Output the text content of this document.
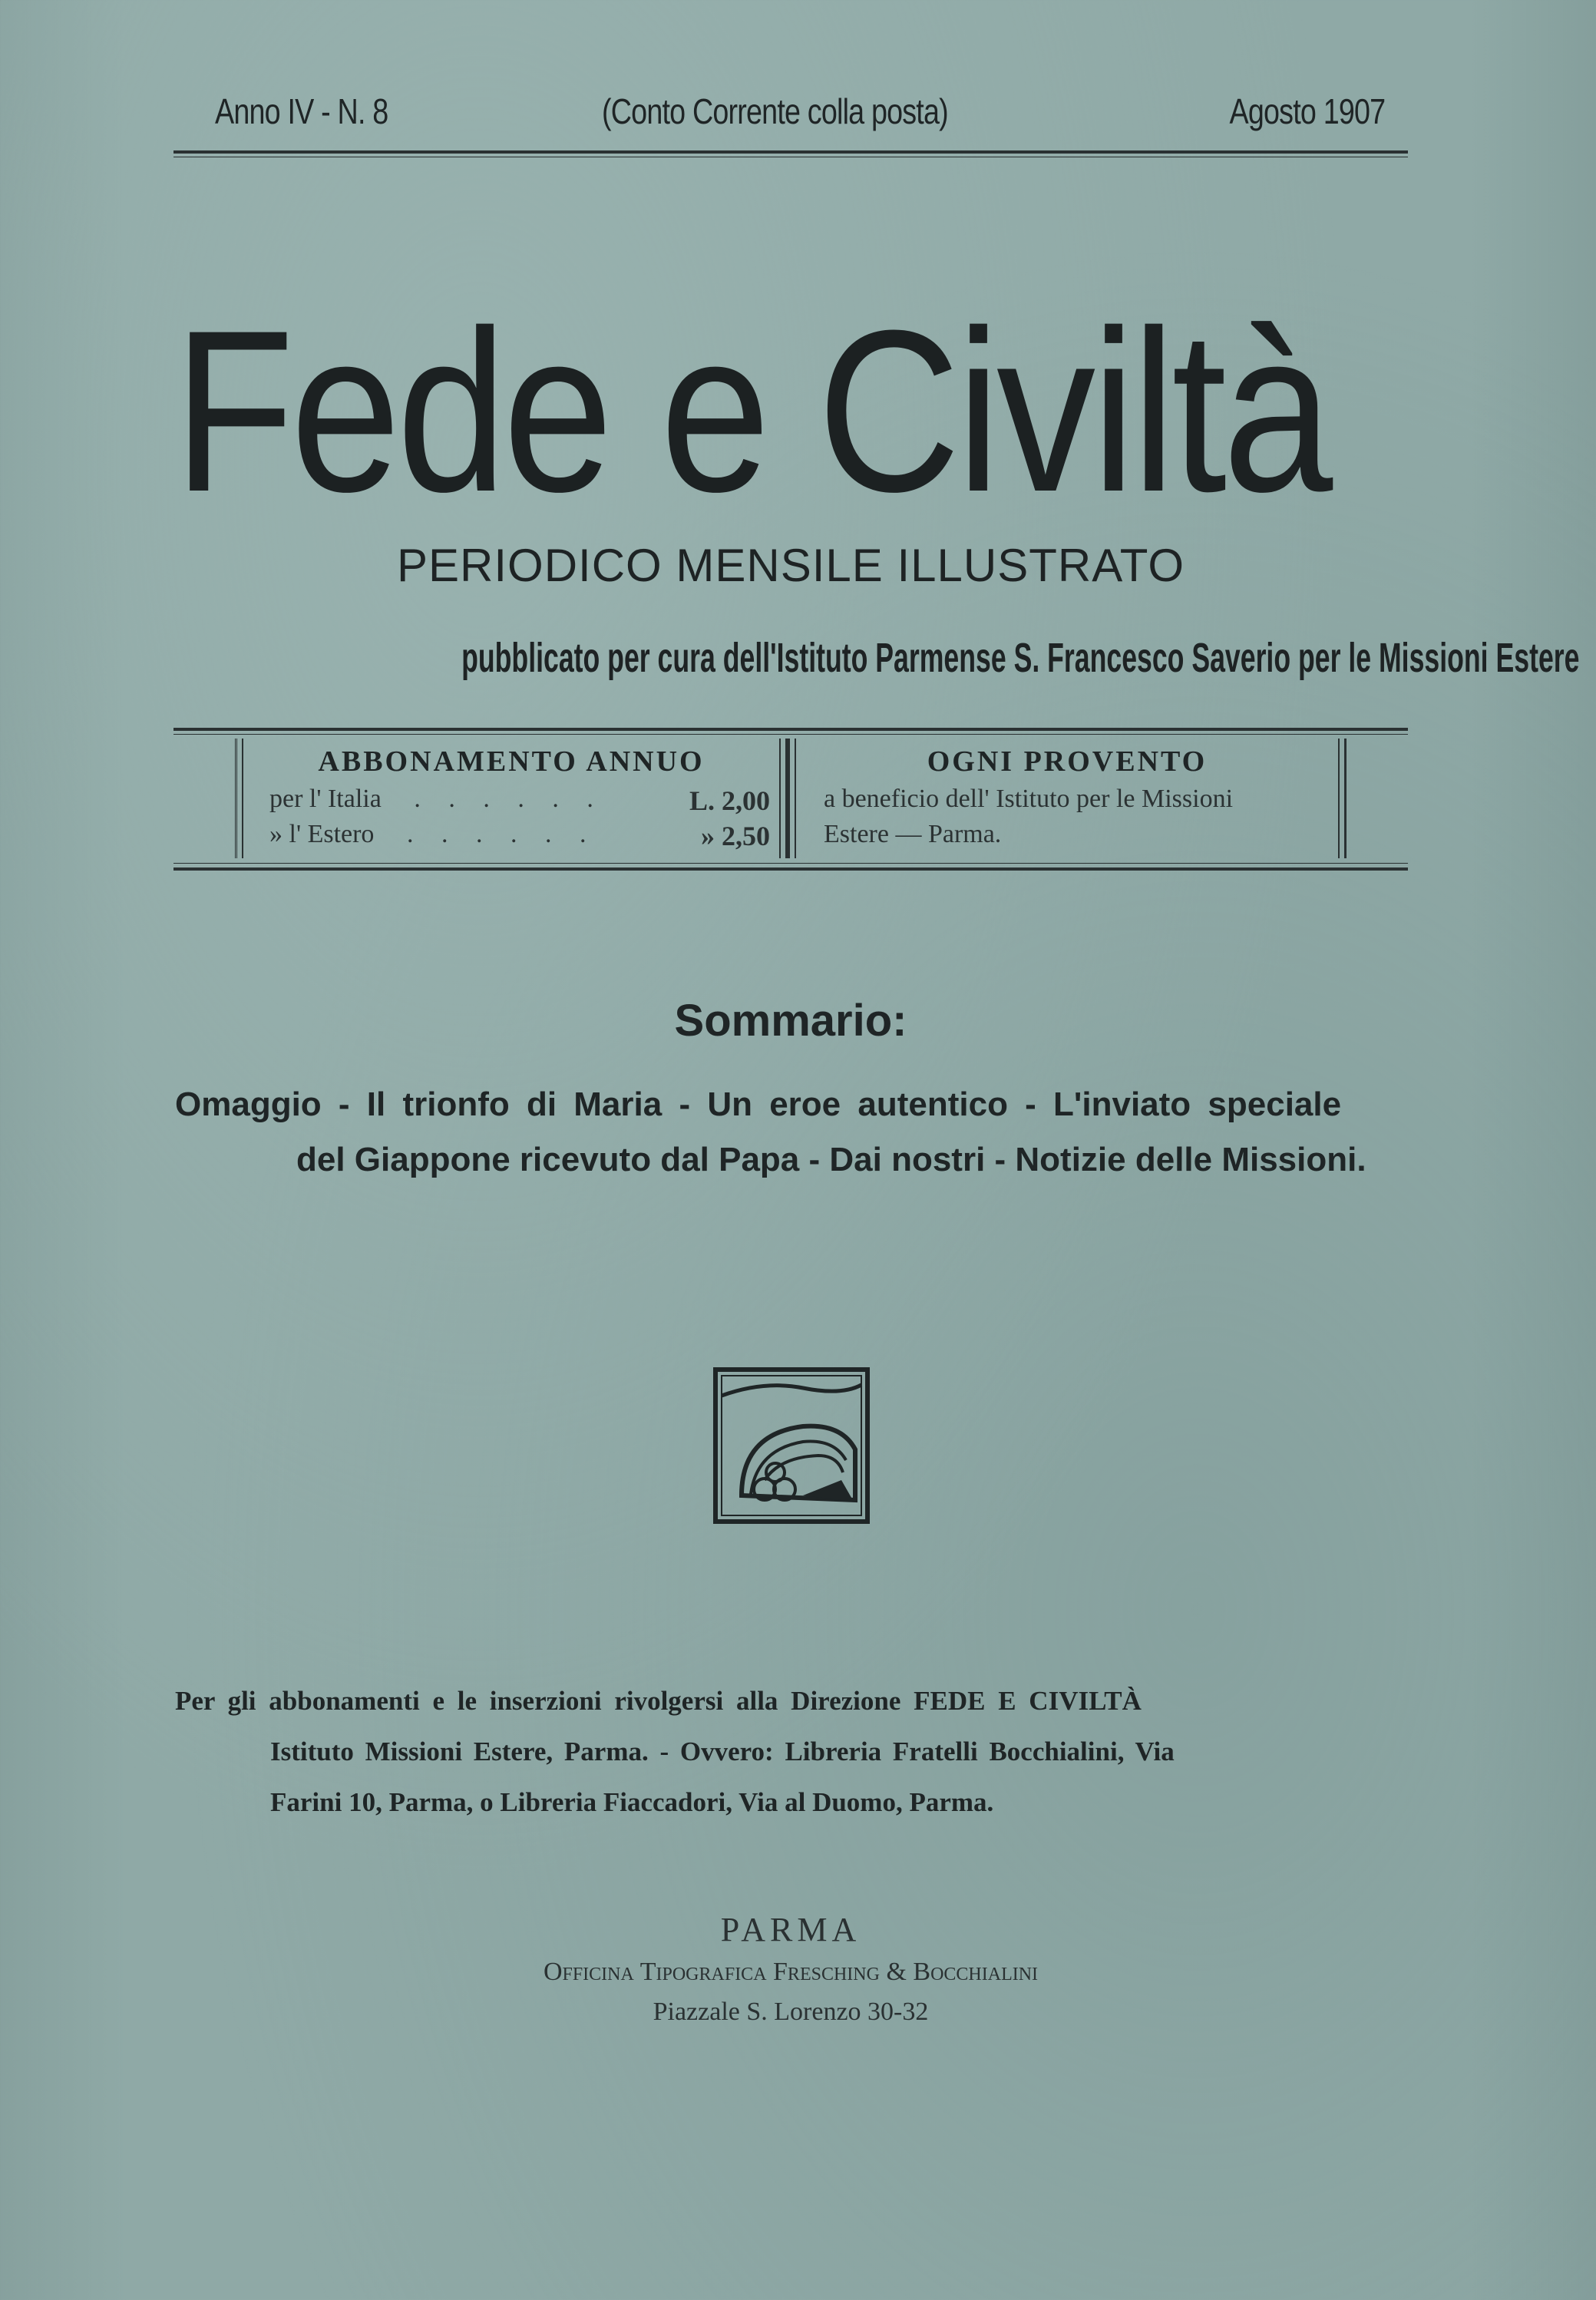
Anno IV - N. 8	(Conto Corrente colla posta)	Agosto 1907
Fede e Civiltà
PERIODICO MENSILE ILLUSTRATO
pubblicato per cura dell'Istituto Parmense S. Francesco Saverio per le Missioni Estere
ABBONAMENTO ANNUO
per l' Italia . . . . . .	L. 2,00
» l' Estero . . . . . .	» 2,50
OGNI PROVENTO
a beneficio dell' Istituto per le Missioni
Estere — Parma.
Sommario:
Omaggio - Il trionfo di Maria - Un eroe autentico - L'inviato speciale
del Giappone ricevuto dal Papa - Dai nostri - Notizie delle Missioni.
Per gli abbonamenti e le inserzioni rivolgersi alla Direzione FEDE E CIVILTÀ
Istituto Missioni Estere, Parma. - Ovvero: Libreria Fratelli Bocchialini, Via
Farini 10, Parma, o Libreria Fiaccadori, Via al Duomo, Parma.
PARMA
Officina Tipografica Fresching & Bocchialini
Piazzale S. Lorenzo 30-32
